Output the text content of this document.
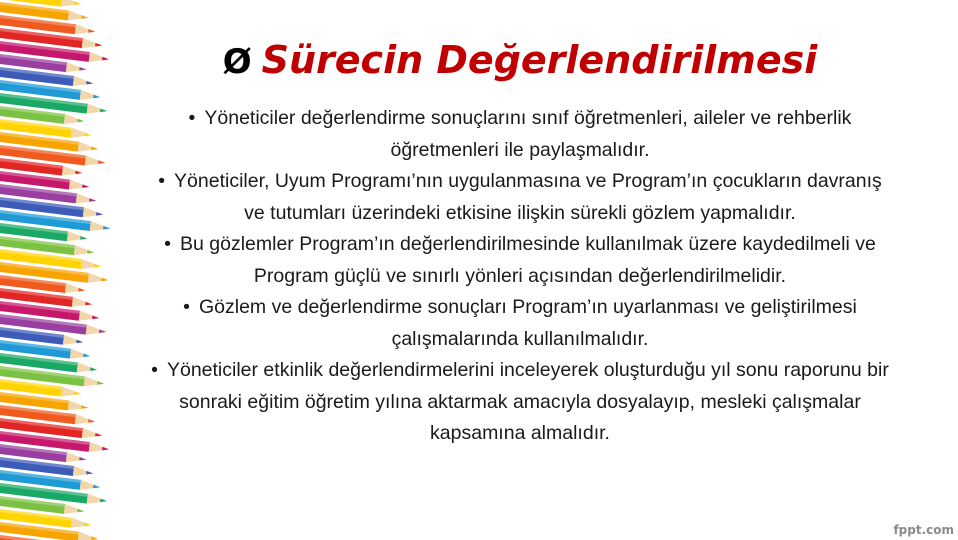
Ø Sürecin Değerlendirilmesi

• Yöneticiler değerlendirme sonuçlarını sınıf öğretmenleri, aileler ve rehberlik öğretmenleri ile paylaşmalıdır.

• Yöneticiler, Uyum Programı’nın uygulanmasına ve Program’ın çocukların davranış ve tutumları üzerindeki etkisine ilişkin sürekli gözlem yapmalıdır.

• Bu gözlemler Program’ın değerlendirilmesinde kullanılmak üzere kaydedilmeli ve Program güçlü ve sınırlı yönleri açısından değerlendirilmelidir.

• Gözlem ve değerlendirme sonuçları Program’ın uyarlanması ve geliştirilmesi çalışmalarında kullanılmalıdır.

• Yöneticiler etkinlik değerlendirmelerini inceleyerek oluşturduğu yıl sonu raporunu bir sonraki eğitim öğretim yılına aktarmak amacıyla dosyalayıp, mesleki çalışmalar kapsamına almalıdır.

fppt.com
